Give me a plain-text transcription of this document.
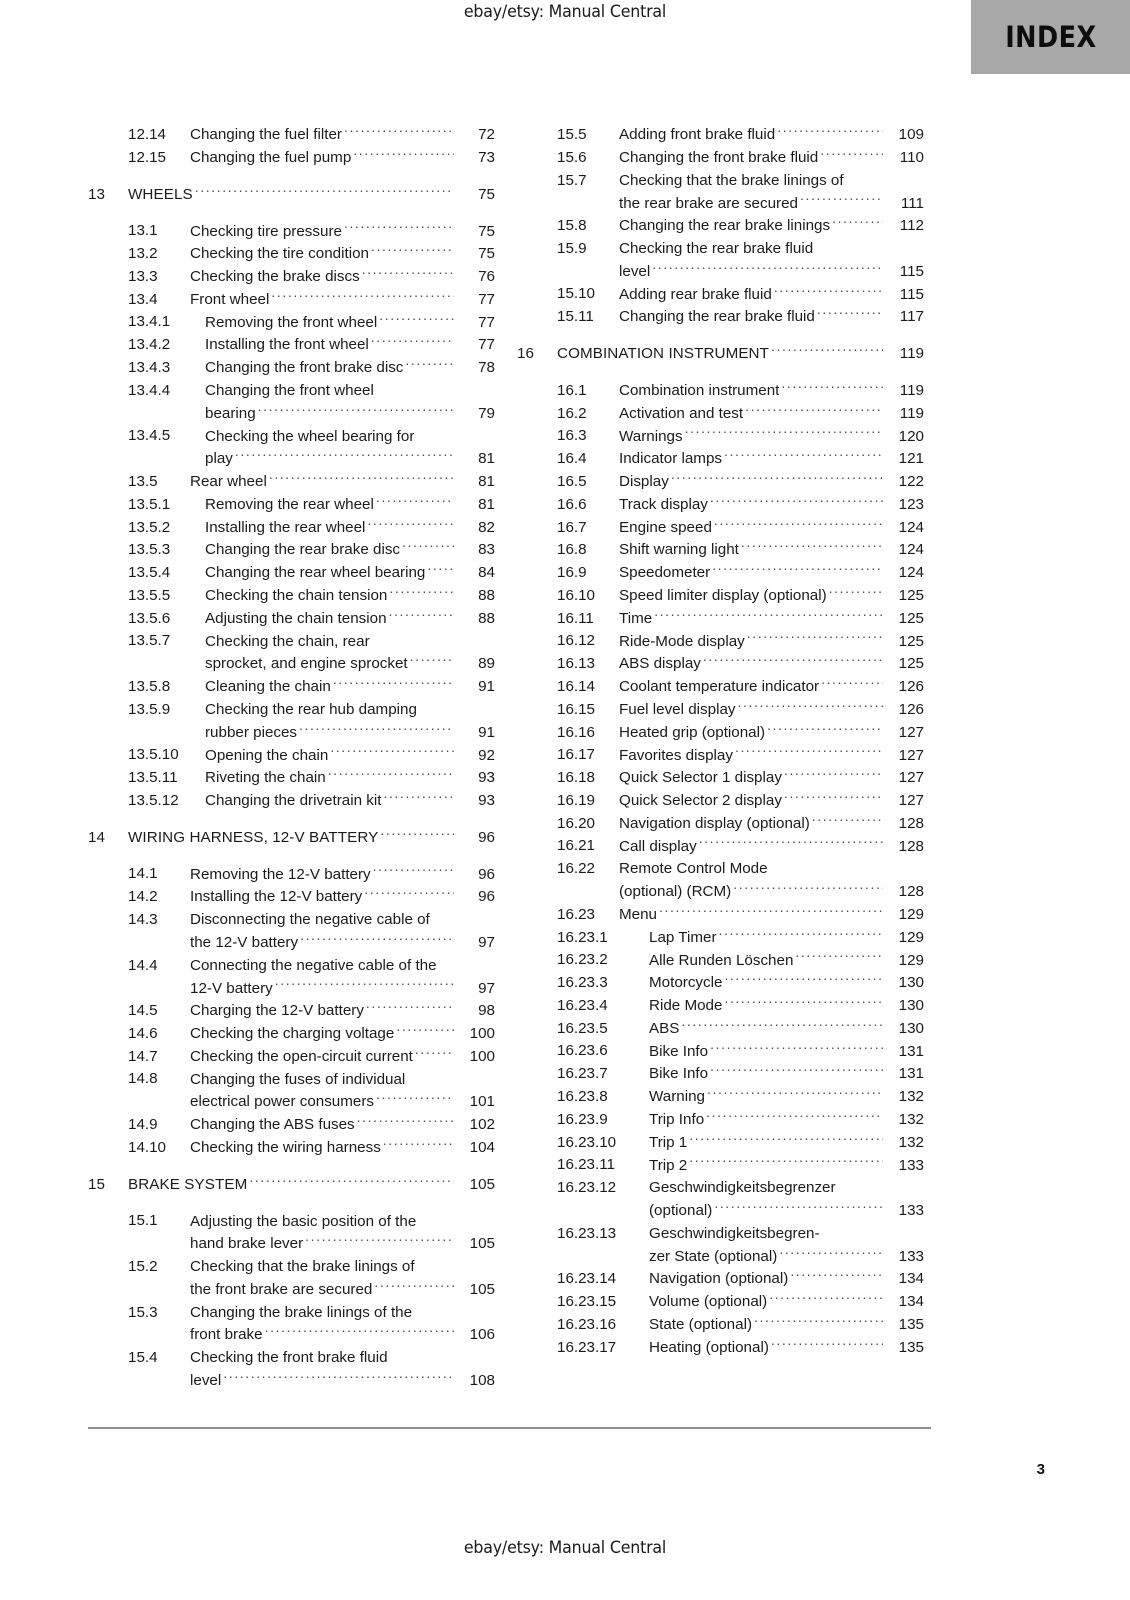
ebay/etsy: Manual Central
INDEX
12.14	Changing the fuel filter .....	72
12.15	Changing the fuel pump .....	73
13	WHEELS .....	75
13.1	Checking tire pressure .....	75
13.2	Checking the tire condition .....	75
13.3	Checking the brake discs .....	76
13.4	Front wheel .....	77
13.4.1	Removing the front wheel .....	77
13.4.2	Installing the front wheel .....	77
13.4.3	Changing the front brake disc .....	78
13.4.4	Changing the front wheel
bearing .....	79
13.4.5	Checking the wheel bearing for
play .....	81
13.5	Rear wheel .....	81
13.5.1	Removing the rear wheel .....	81
13.5.2	Installing the rear wheel .....	82
13.5.3	Changing the rear brake disc .....	83
13.5.4	Changing the rear wheel bearing .....	84
13.5.5	Checking the chain tension .....	88
13.5.6	Adjusting the chain tension .....	88
13.5.7	Checking the chain, rear
sprocket, and engine sprocket .....	89
13.5.8	Cleaning the chain .....	91
13.5.9	Checking the rear hub damping
rubber pieces .....	91
13.5.10	Opening the chain .....	92
13.5.11	Riveting the chain .....	93
13.5.12	Changing the drivetrain kit .....	93
14	WIRING HARNESS, 12-V BATTERY .....	96
14.1	Removing the 12-V battery .....	96
14.2	Installing the 12-V battery .....	96
14.3	Disconnecting the negative cable of
the 12-V battery .....	97
14.4	Connecting the negative cable of the
12-V battery .....	97
14.5	Charging the 12-V battery .....	98
14.6	Checking the charging voltage .....	100
14.7	Checking the open-circuit current .....	100
14.8	Changing the fuses of individual
electrical power consumers .....	101
14.9	Changing the ABS fuses .....	102
14.10	Checking the wiring harness .....	104
15	BRAKE SYSTEM .....	105
15.1	Adjusting the basic position of the
hand brake lever .....	105
15.2	Checking that the brake linings of
the front brake are secured .....	105
15.3	Changing the brake linings of the
front brake .....	106
15.4	Checking the front brake fluid
level .....	108
15.5	Adding front brake fluid .....	109
15.6	Changing the front brake fluid .....	110
15.7	Checking that the brake linings of
the rear brake are secured .....	111
15.8	Changing the rear brake linings .....	112
15.9	Checking the rear brake fluid
level .....	115
15.10	Adding rear brake fluid .....	115
15.11	Changing the rear brake fluid .....	117
16	COMBINATION INSTRUMENT .....	119
16.1	Combination instrument .....	119
16.2	Activation and test .....	119
16.3	Warnings .....	120
16.4	Indicator lamps .....	121
16.5	Display .....	122
16.6	Track display .....	123
16.7	Engine speed .....	124
16.8	Shift warning light .....	124
16.9	Speedometer .....	124
16.10	Speed limiter display (optional) .....	125
16.11	Time .....	125
16.12	Ride-Mode display .....	125
16.13	ABS display .....	125
16.14	Coolant temperature indicator .....	126
16.15	Fuel level display .....	126
16.16	Heated grip (optional) .....	127
16.17	Favorites display .....	127
16.18	Quick Selector 1 display .....	127
16.19	Quick Selector 2 display .....	127
16.20	Navigation display (optional) .....	128
16.21	Call display .....	128
16.22	Remote Control Mode
(optional) (RCM) .....	128
16.23	Menu .....	129
16.23.1	Lap Timer .....	129
16.23.2	Alle Runden Löschen .....	129
16.23.3	Motorcycle .....	130
16.23.4	Ride Mode .....	130
16.23.5	ABS .....	130
16.23.6	Bike Info .....	131
16.23.7	Bike Info .....	131
16.23.8	Warning .....	132
16.23.9	Trip Info .....	132
16.23.10	Trip 1 .....	132
16.23.11	Trip 2 .....	133
16.23.12	Geschwindigkeitsbegrenzer
(optional) .....	133
16.23.13	Geschwindigkeitsbegren-
zer State (optional) .....	133
16.23.14	Navigation (optional) .....	134
16.23.15	Volume (optional) .....	134
16.23.16	State (optional) .....	135
16.23.17	Heating (optional) .....	135
3
ebay/etsy: Manual Central
